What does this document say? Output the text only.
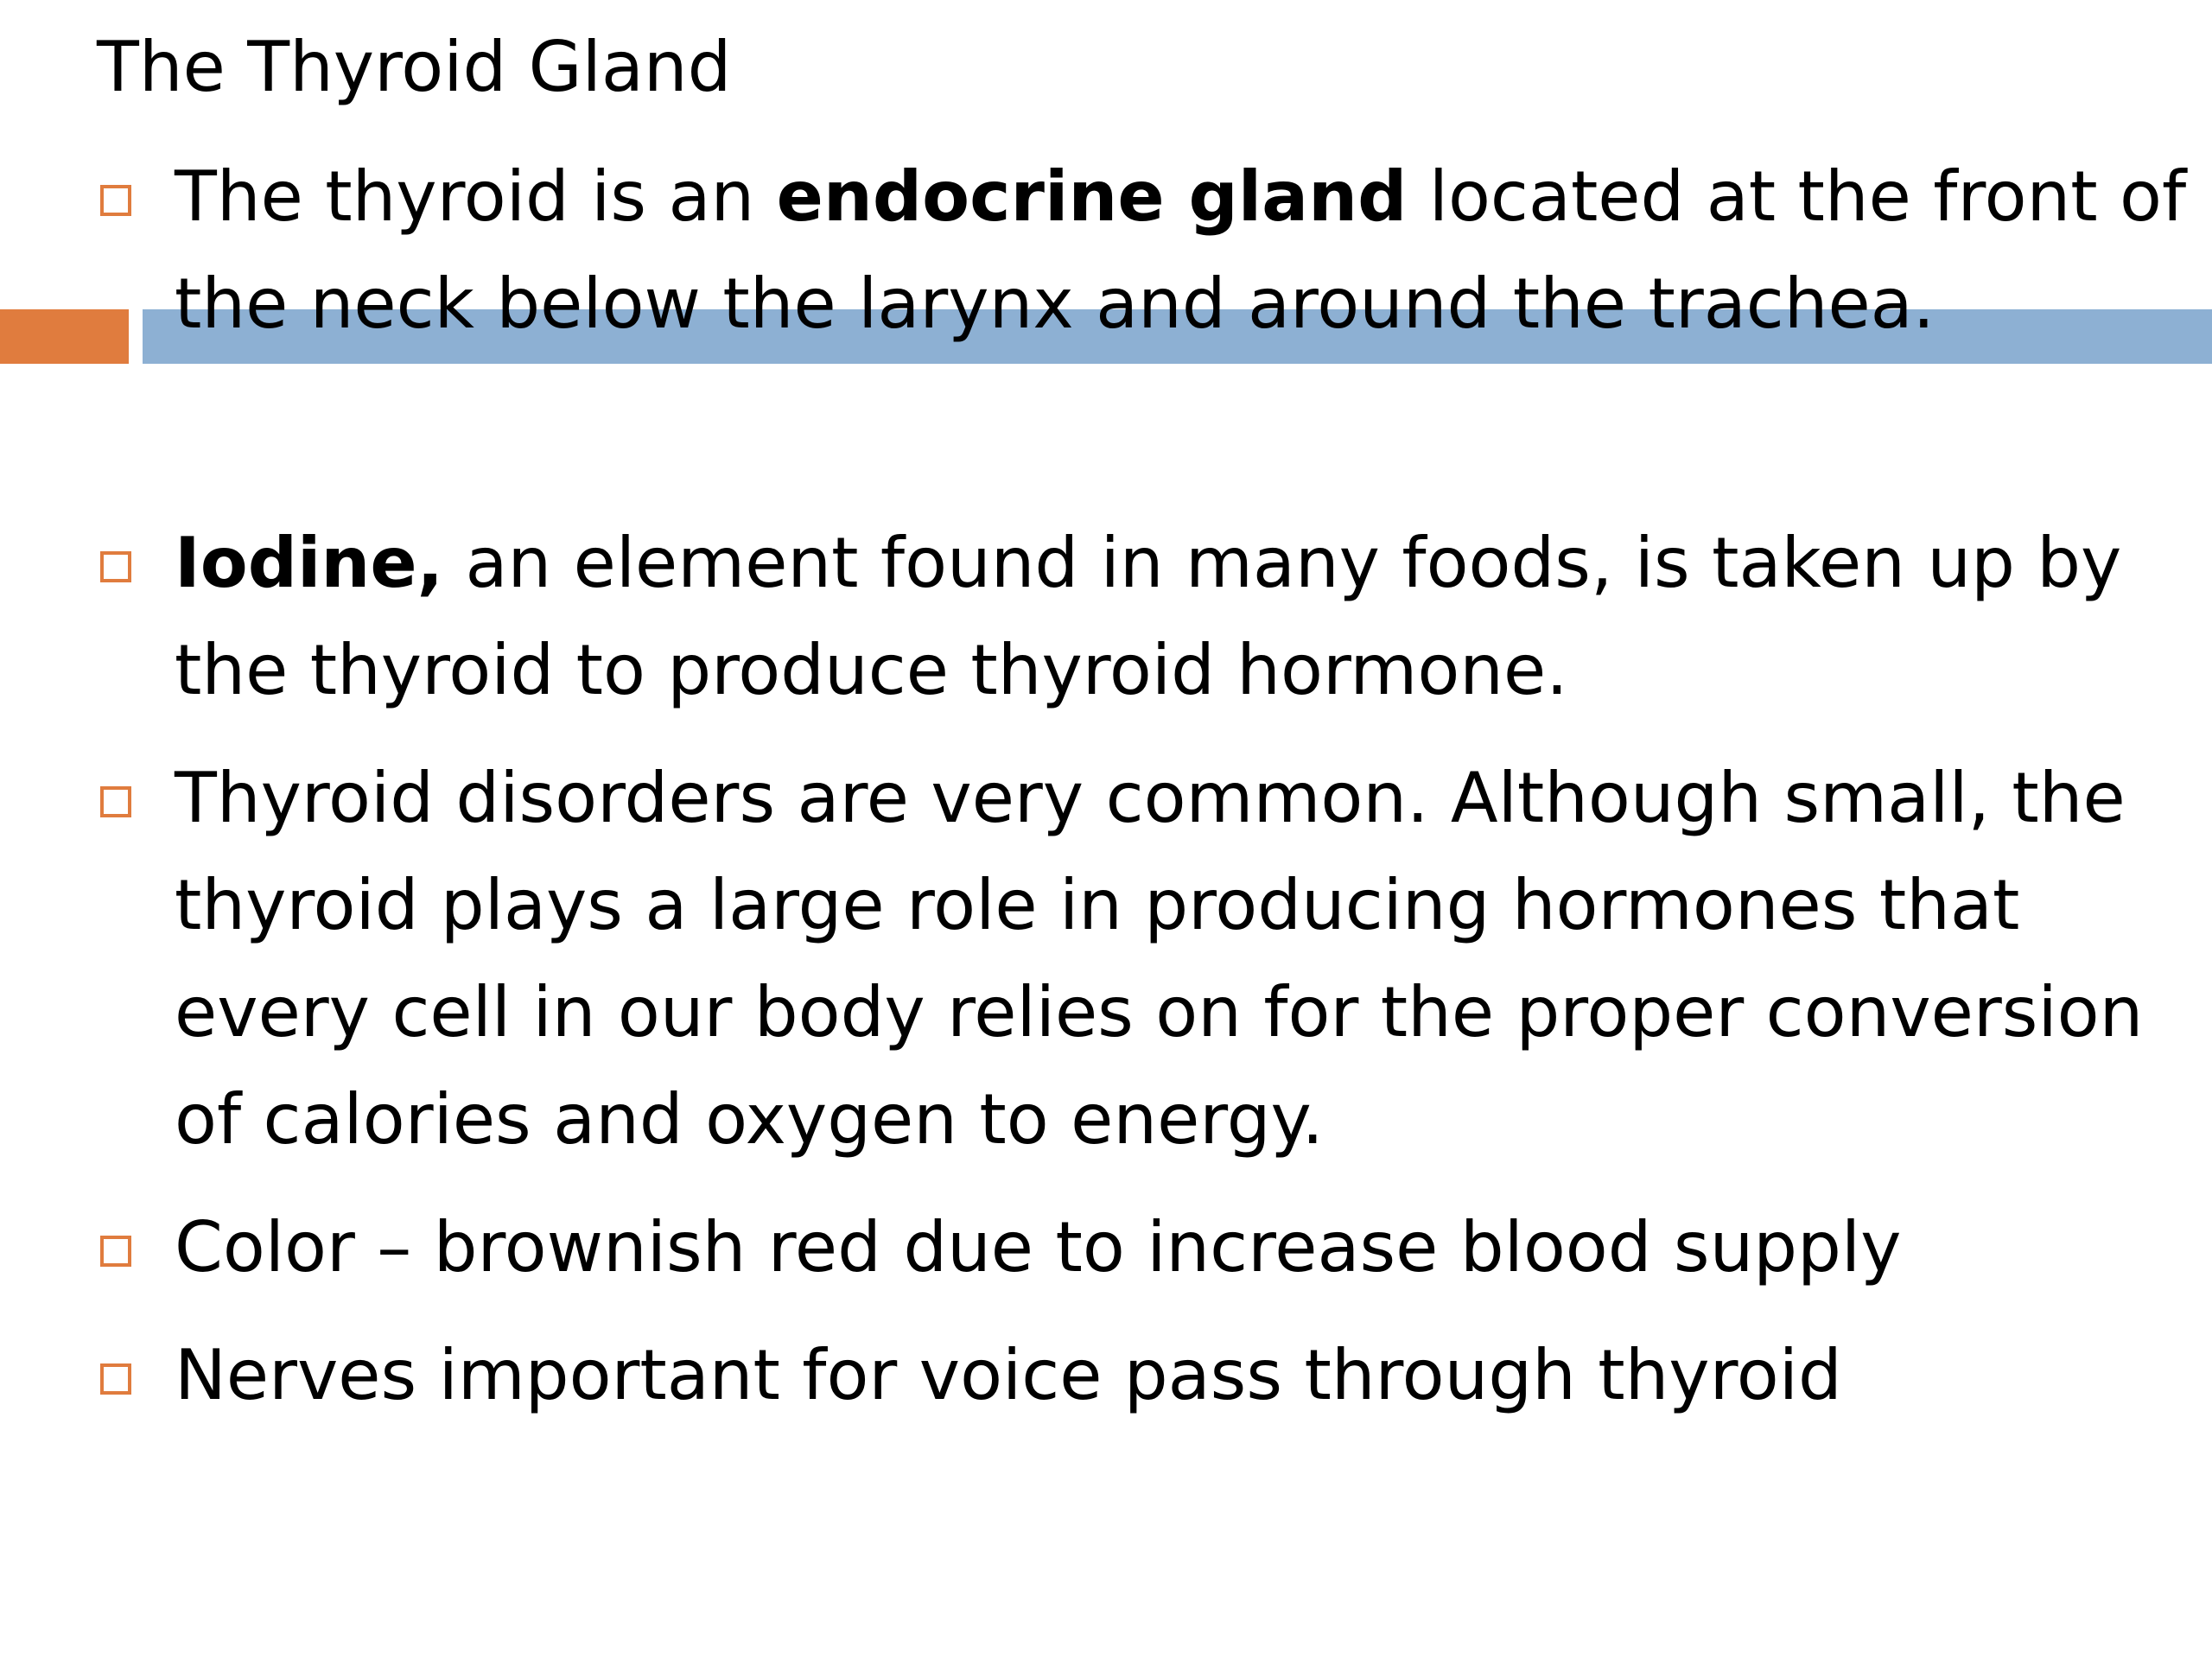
The Thyroid Gland
The thyroid is an endocrine gland located at the front of
the neck below the larynx and around the trachea.
Iodine, an element found in many foods, is taken up by
the thyroid to produce thyroid hormone.
Thyroid disorders are very common. Although small, the
thyroid plays a large role in producing hormones that
every cell in our body relies on for the proper conversion
of calories and oxygen to energy.
Color – brownish red due to increase blood supply
Nerves important for voice pass through thyroid
